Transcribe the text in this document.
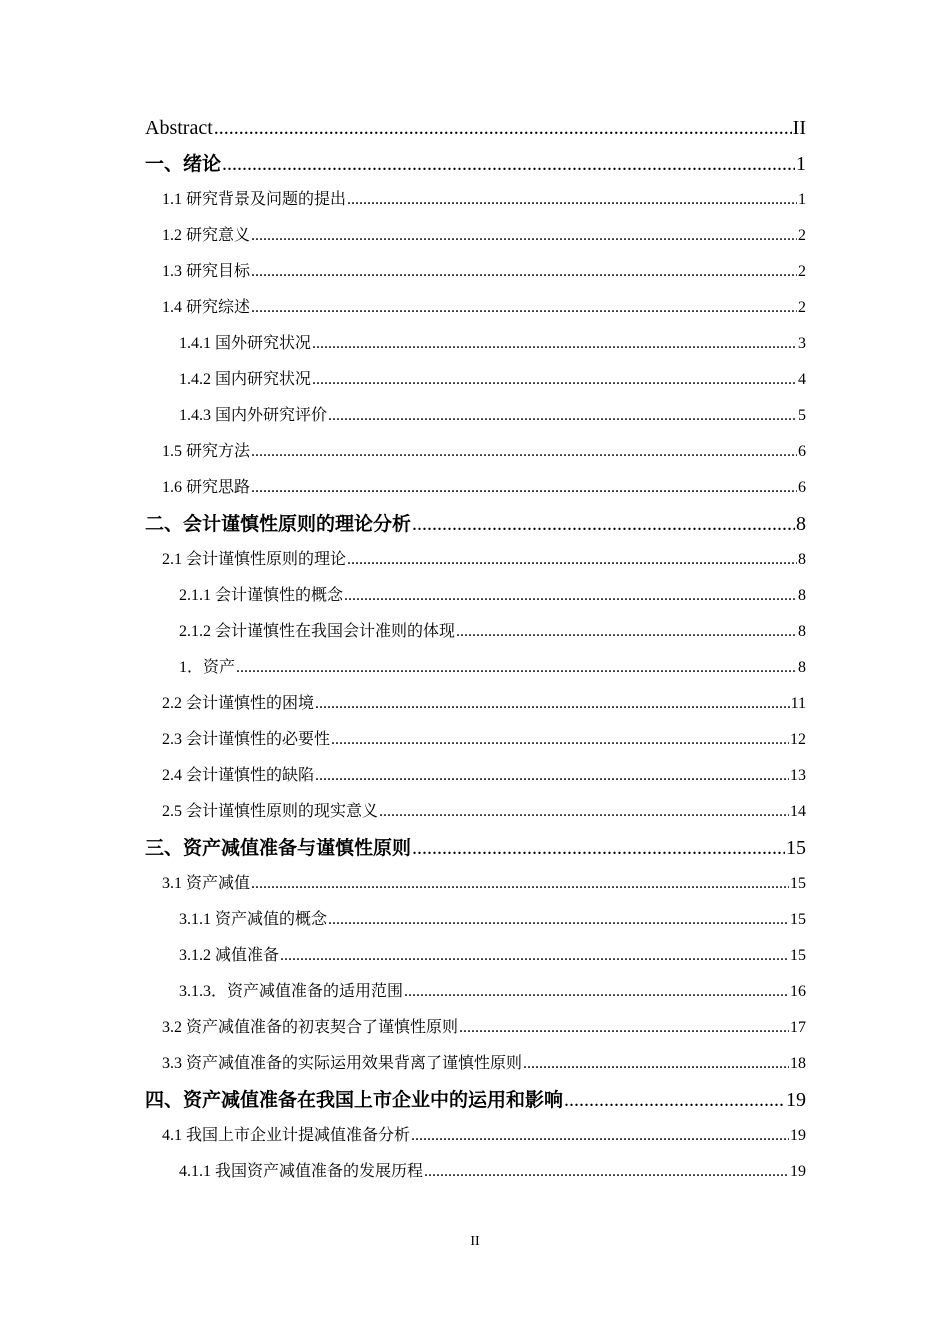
Abstract .....	II
一、绪论 .....	1
1.1 研究背景及问题的提出 .....	1
1.2 研究意义 .....	2
1.3 研究目标 .....	2
1.4 研究综述 .....	2
1.4.1 国外研究状况 .....	3
1.4.2 国内研究状况 .....	4
1.4.3 国内外研究评价 .....	5
1.5 研究方法 .....	6
1.6 研究思路 .....	6
二、会计谨慎性原则的理论分析 .....	8
2.1 会计谨慎性原则的理论 .....	8
2.1.1 会计谨慎性的概念 .....	8
2.1.2 会计谨慎性在我国会计准则的体现 .....	8
1．资产 .....	8
2.2 会计谨慎性的困境 .....	11
2.3 会计谨慎性的必要性 .....	12
2.4 会计谨慎性的缺陷 .....	13
2.5 会计谨慎性原则的现实意义 .....	14
三、资产减值准备与谨慎性原则 .....	15
3.1 资产减值 .....	15
3.1.1 资产减值的概念 .....	15
3.1.2 减值准备 .....	15
3.1.3．资产减值准备的适用范围 .....	16
3.2 资产减值准备的初衷契合了谨慎性原则 .....	17
3.3 资产减值准备的实际运用效果背离了谨慎性原则 .....	18
四、资产减值准备在我国上市企业中的运用和影响 .....	19
4.1 我国上市企业计提减值准备分析 .....	19
4.1.1 我国资产减值准备的发展历程 .....	19
II
